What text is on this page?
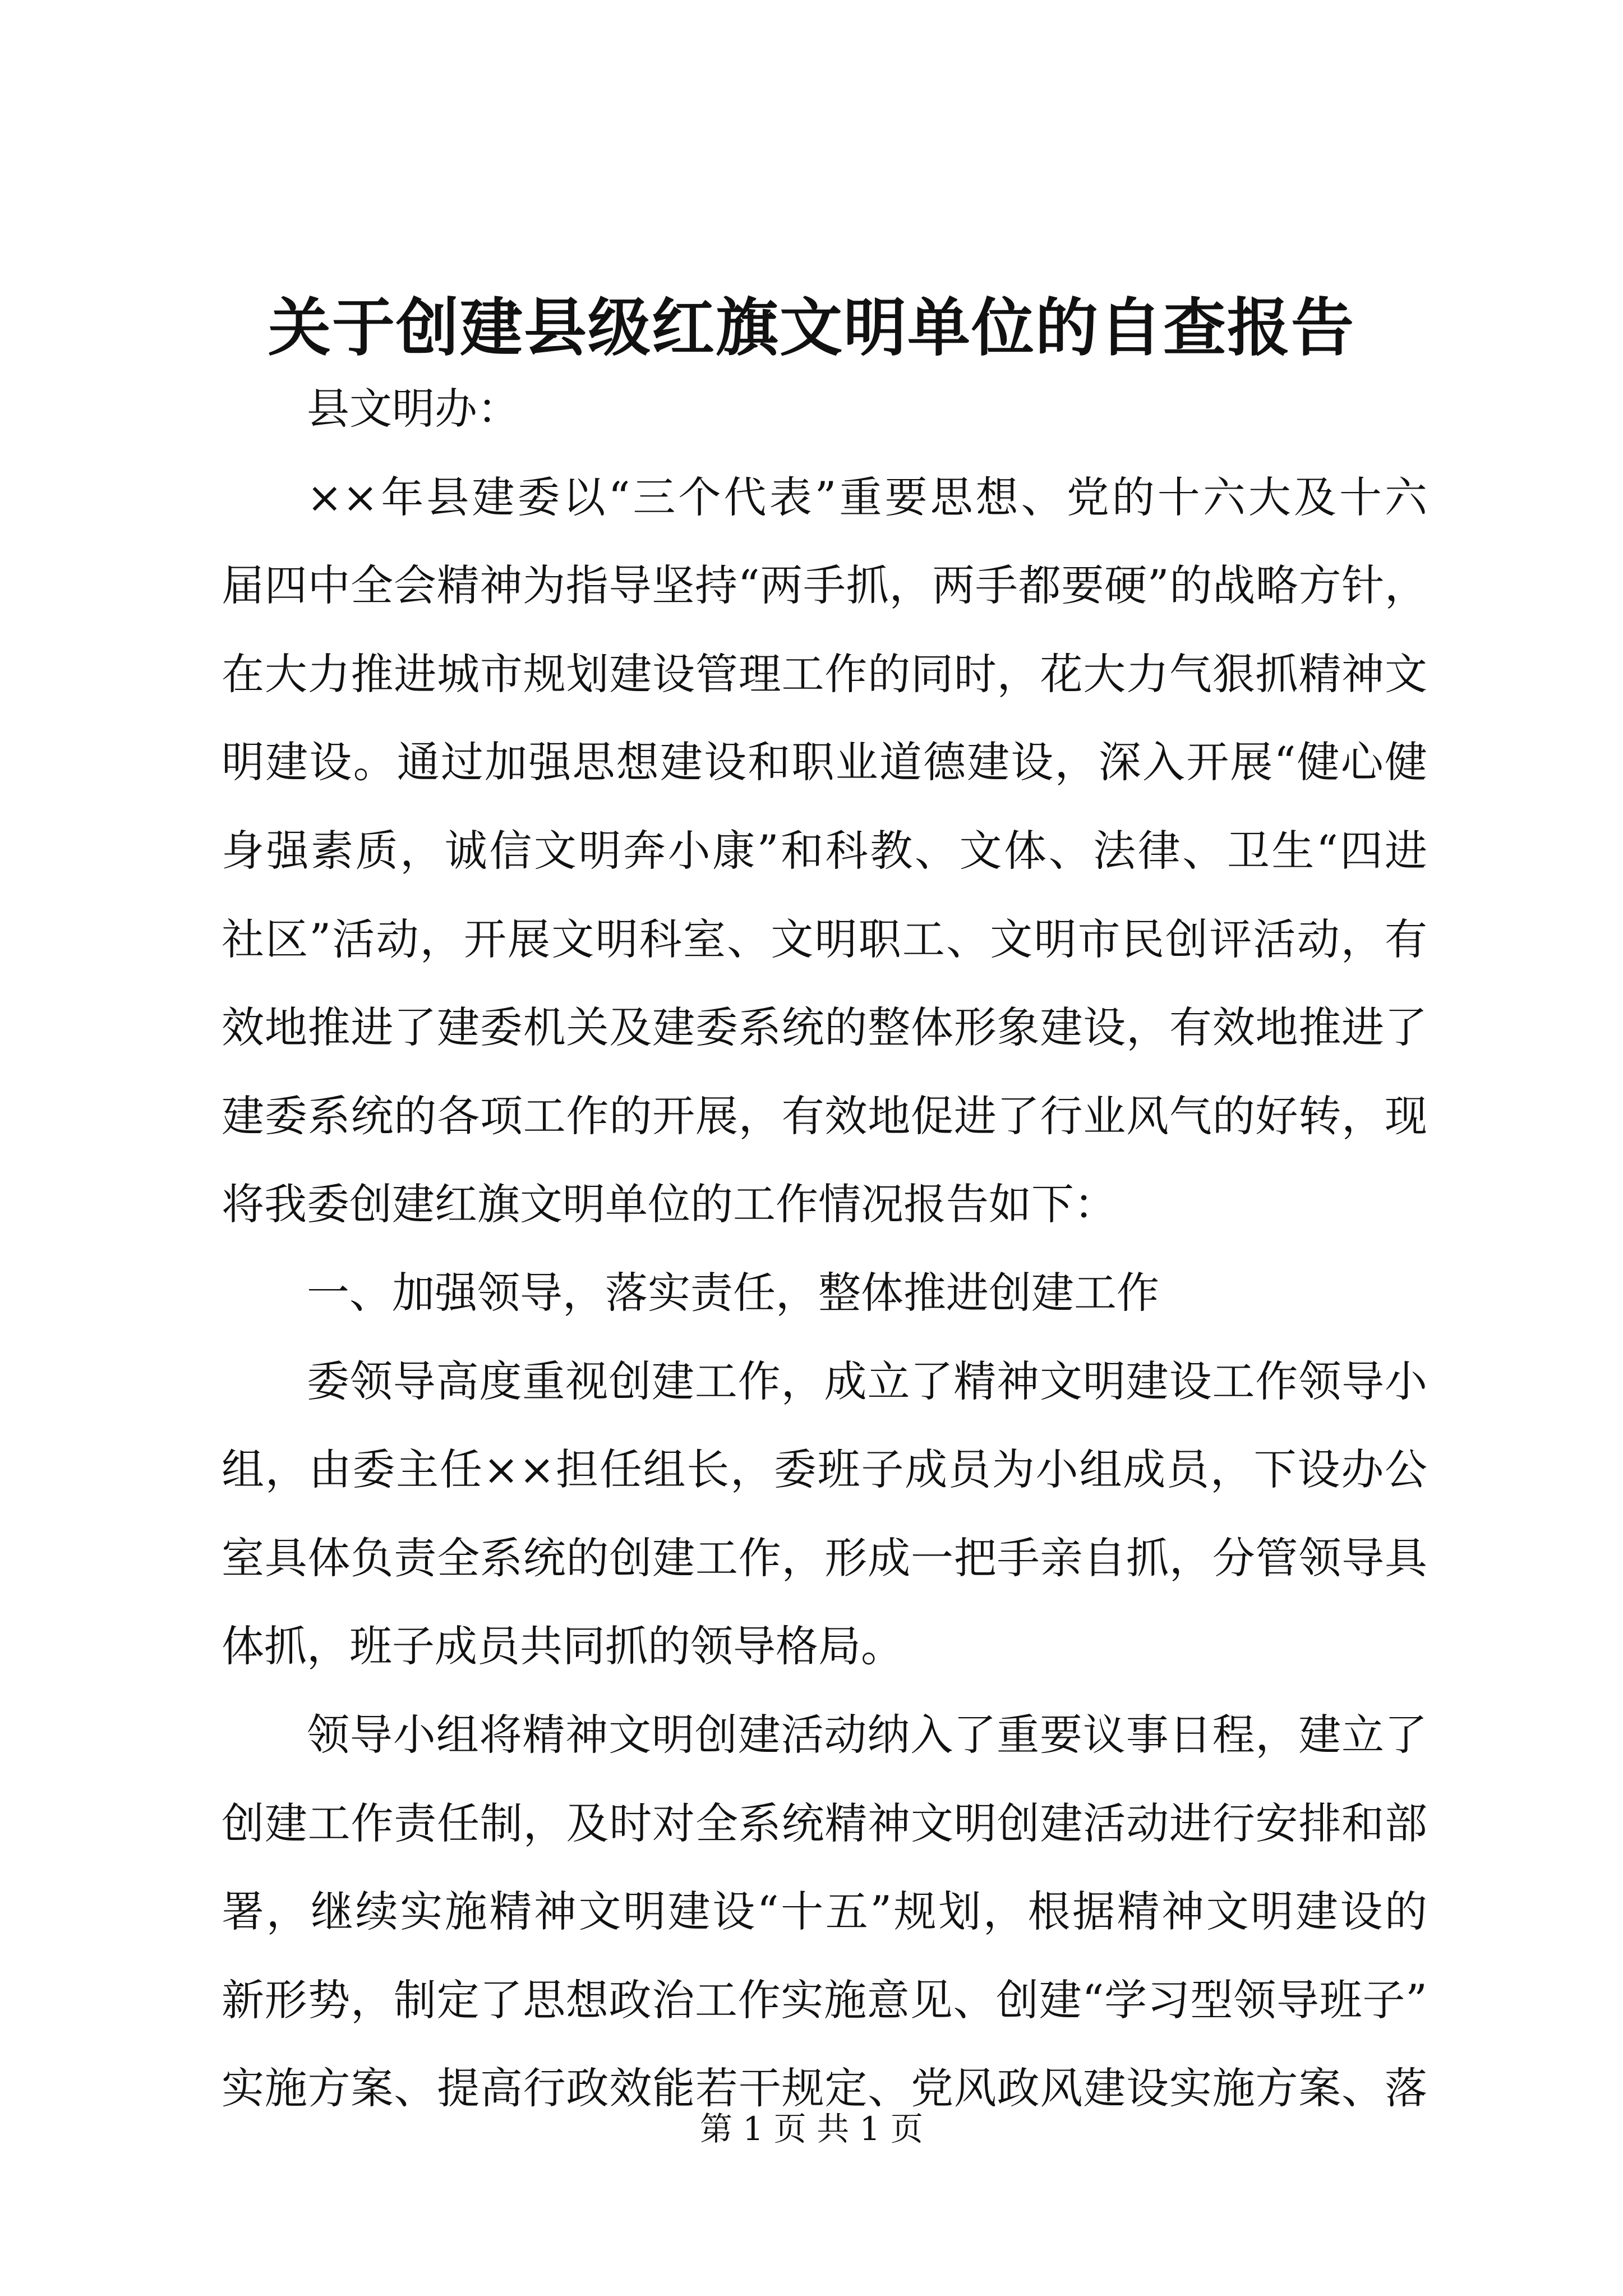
关于创建县级红旗文明单位的自查报告
县文明办：
××年县建委以“三个代表”重要思想、党的十六大及十六
届四中全会精神为指导坚持“两手抓，两手都要硬”的战略方针，
在大力推进城市规划建设管理工作的同时，花大力气狠抓精神文
明建设。通过加强思想建设和职业道德建设，深入开展“健心健
身强素质，诚信文明奔小康”和科教、文体、法律、卫生“四进
社区”活动，开展文明科室、文明职工、文明市民创评活动，有
效地推进了建委机关及建委系统的整体形象建设，有效地推进了
建委系统的各项工作的开展，有效地促进了行业风气的好转，现
将我委创建红旗文明单位的工作情况报告如下：
一、加强领导，落实责任，整体推进创建工作
委领导高度重视创建工作，成立了精神文明建设工作领导小
组，由委主任××担任组长，委班子成员为小组成员，下设办公
室具体负责全系统的创建工作，形成一把手亲自抓，分管领导具
体抓，班子成员共同抓的领导格局。
领导小组将精神文明创建活动纳入了重要议事日程，建立了
创建工作责任制，及时对全系统精神文明创建活动进行安排和部
署，继续实施精神文明建设“十五”规划，根据精神文明建设的
新形势，制定了思想政治工作实施意见、创建“学习型领导班子”
实施方案、提高行政效能若干规定、党风政风建设实施方案、落
第 1 页 共 1 页
